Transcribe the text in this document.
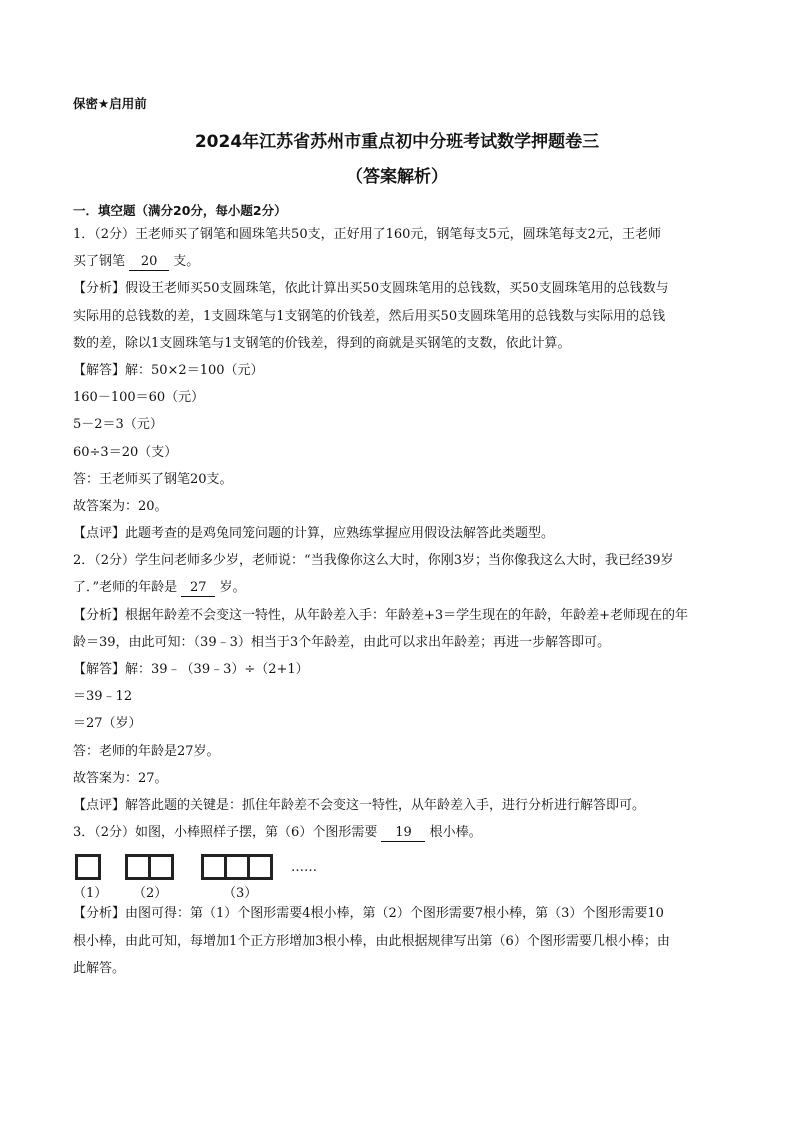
保密★启用前
2024年江苏省苏州市重点初中分班考试数学押题卷三
（答案解析）
一．填空题（满分20分，每小题2分）
1．（2分）王老师买了钢笔和圆珠笔共50支，正好用了160元，钢笔每支5元，圆珠笔每支2元，王老师
买了钢笔 20 支。
【分析】假设王老师买50支圆珠笔，依此计算出买50支圆珠笔用的总钱数，买50支圆珠笔用的总钱数与
实际用的总钱数的差，1支圆珠笔与1支钢笔的价钱差，然后用买50支圆珠笔用的总钱数与实际用的总钱
数的差，除以1支圆珠笔与1支钢笔的价钱差，得到的商就是买钢笔的支数，依此计算。
【解答】解：50×2＝100（元）
160－100＝60（元）
5－2＝3（元）
60÷3＝20（支）
答：王老师买了钢笔20支。
故答案为：20。
【点评】此题考查的是鸡兔同笼问题的计算，应熟练掌握应用假设法解答此类题型。
2．（2分）学生问老师多少岁，老师说：“当我像你这么大时，你刚3岁；当你像我这么大时，我已经39岁
了．”老师的年龄是 27 岁。
【分析】根据年龄差不会变这一特性，从年龄差入手：年龄差+3＝学生现在的年龄，年龄差+老师现在的年
龄＝39，由此可知：（39﹣3）相当于3个年龄差，由此可以求出年龄差；再进一步解答即可。
【解答】解：39﹣（39﹣3）÷（2+1）
＝39﹣12
＝27（岁）
答：老师的年龄是27岁。
故答案为：27。
【点评】解答此题的关键是：抓住年龄差不会变这一特性，从年龄差入手，进行分析进行解答即可。
3．（2分）如图，小棒照样子摆，第（6）个图形需要 19 根小棒。
……
（1） （2）	（3）
【分析】由图可得：第（1）个图形需要4根小棒，第（2）个图形需要7根小棒，第（3）个图形需要10
根小棒，由此可知，每增加1个正方形增加3根小棒，由此根据规律写出第（6）个图形需要几根小棒；由
此解答。
